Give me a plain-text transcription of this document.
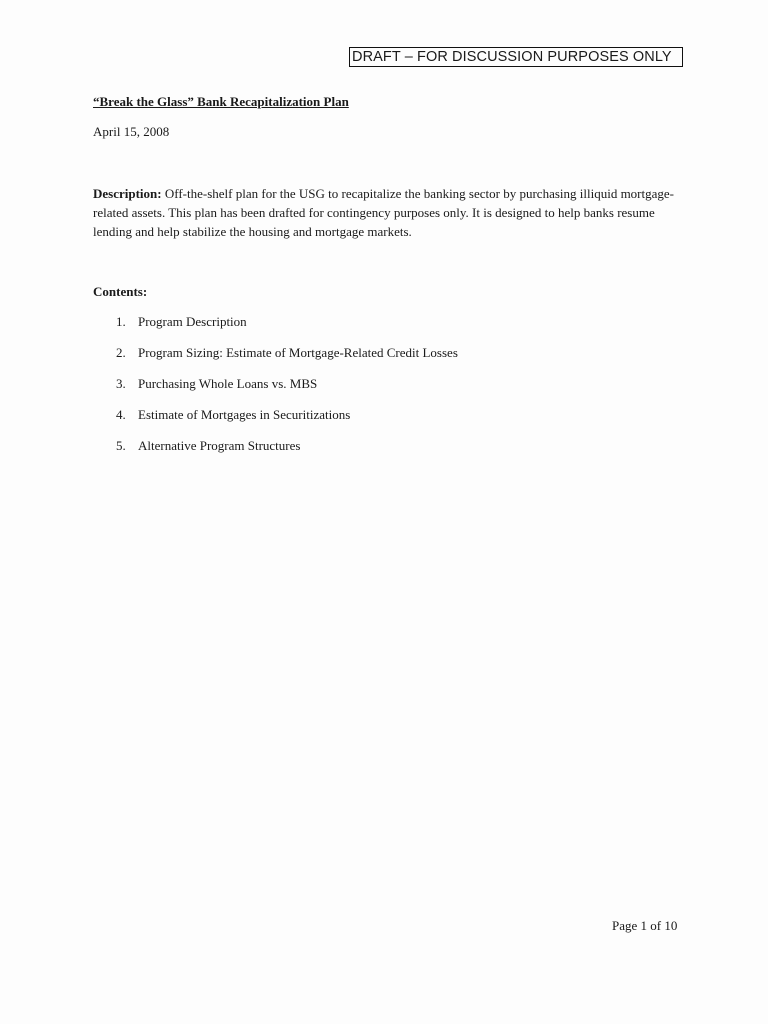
DRAFT – FOR DISCUSSION PURPOSES ONLY
“Break the Glass” Bank Recapitalization Plan
April 15, 2008
Description: Off-the-shelf plan for the USG to recapitalize the banking sector by purchasing illiquid mortgage-related assets. This plan has been drafted for contingency purposes only. It is designed to help banks resume lending and help stabilize the housing and mortgage markets.
Contents:
1. Program Description
2. Program Sizing: Estimate of Mortgage-Related Credit Losses
3. Purchasing Whole Loans vs. MBS
4. Estimate of Mortgages in Securitizations
5. Alternative Program Structures
Page 1 of 10
